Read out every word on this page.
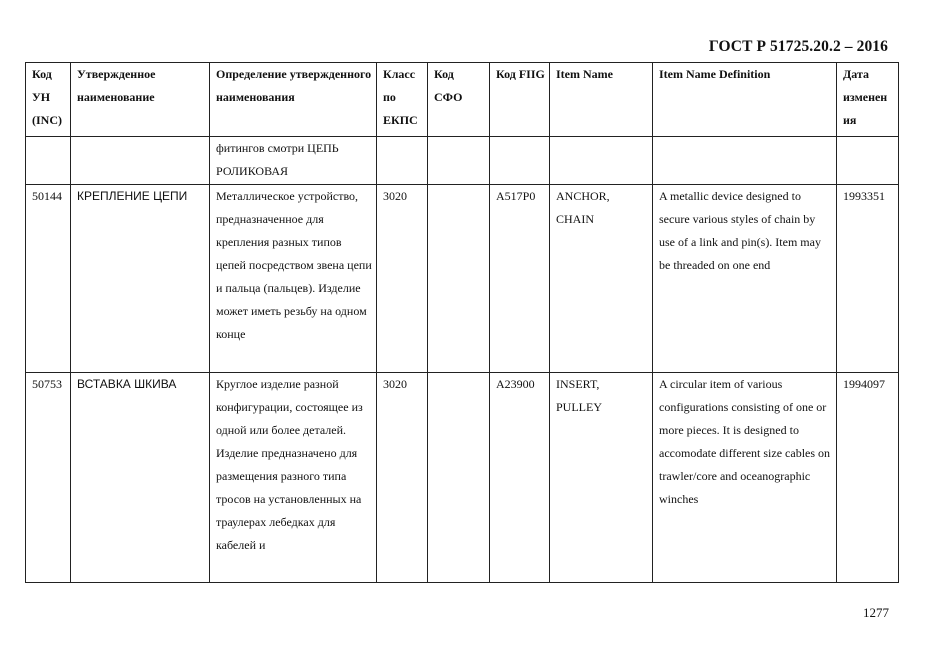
ГОСТ Р 51725.20.2 – 2016
Код УН (INC)	Утвержденное наименование	Определение утвержденного наименования	Класс по ЕКПС	Код СФО	Код FIIG	Item Name	Item Name Definition	Дата изменен ия
		фитингов смотри ЦЕПЬ РОЛИКОВАЯ						
50144	КРЕПЛЕНИЕ ЦЕПИ	Металлическое устройство, предназначенное для крепления разных типов цепей посредством звена цепи и пальца (пальцев). Изделие может иметь резьбу на одном конце	3020		A517P0	ANCHOR, CHAIN	A metallic device designed to secure various styles of chain by use of a link and pin(s). Item may be threaded on one end	1993351
50753	ВСТАВКА ШКИВА	Круглое изделие разной конфигурации, состоящее из одной или более деталей. Изделие предназначено для размещения разного типа тросов на установленных на траулерах лебедках для кабелей и	3020		A23900	INSERT, PULLEY	A circular item of various configurations consisting of one or more pieces. It is designed to accomodate different size cables on trawler/core and oceanographic winches	1994097
1277
